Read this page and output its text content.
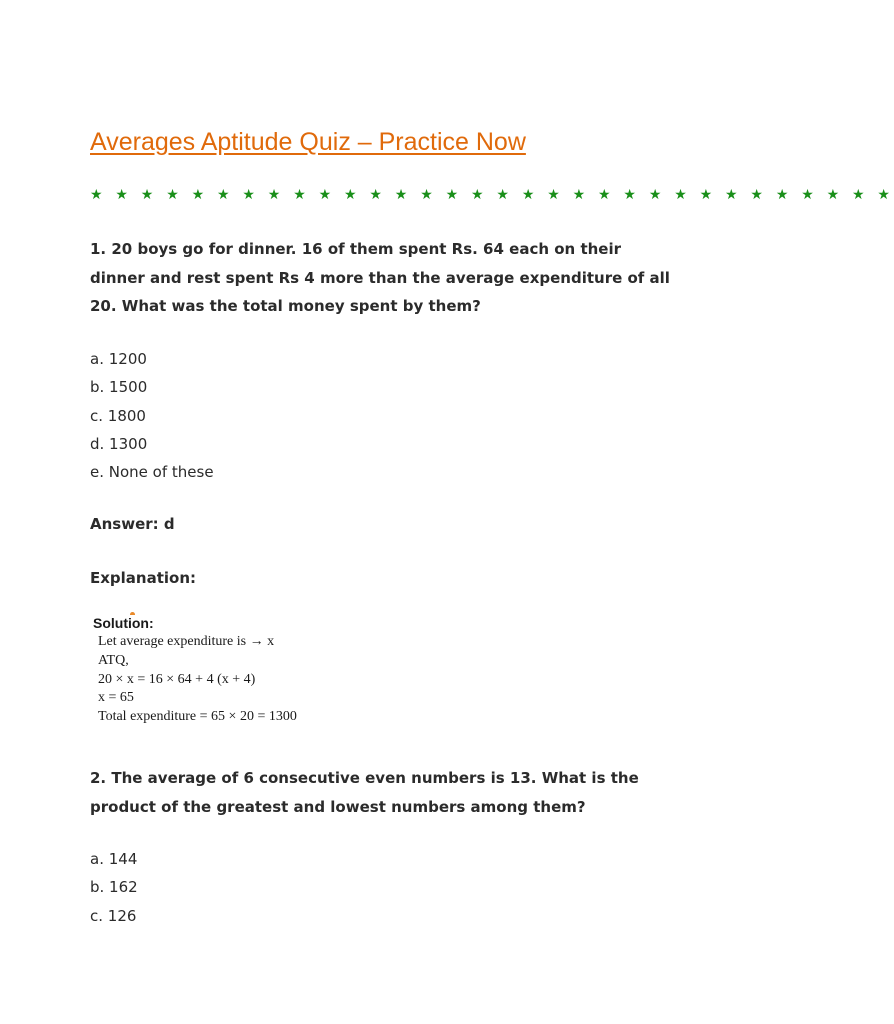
Averages Aptitude Quiz – Practice Now
★ ★ ★ ★ ★ ★ ★ ★ ★ ★ ★ ★ ★ ★ ★ ★ ★ ★ ★ ★ ★ ★ ★ ★ ★ ★ ★ ★ ★ ★ ★ ★
1. 20 boys go for dinner. 16 of them spent Rs. 64 each on their dinner and rest spent Rs 4 more than the average expenditure of all 20. What was the total money spent by them?
a. 1200
b. 1500
c. 1800
d. 1300
e. None of these
Answer: d
Explanation:
Solution:
Let average expenditure is → x
ATQ,
20 × x = 16 × 64 + 4 (x + 4)
x = 65
Total expenditure = 65 × 20 = 1300
2. The average of 6 consecutive even numbers is 13. What is the product of the greatest and lowest numbers among them?
a. 144
b. 162
c. 126
